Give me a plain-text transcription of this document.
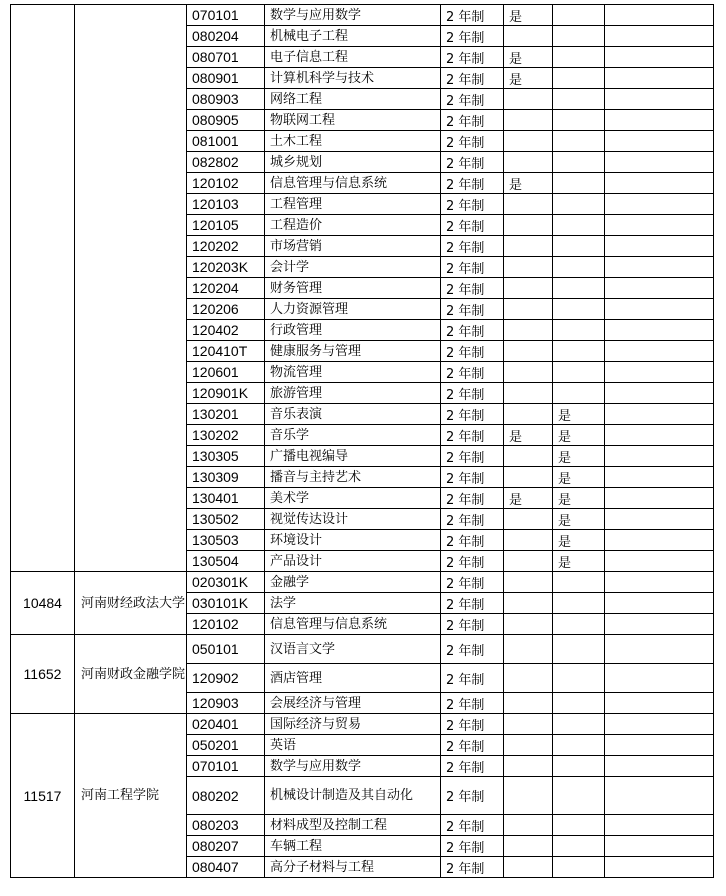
		070101	数学与应用数学	2 年制	是		
		080204	机械电子工程	2 年制			
		080701	电子信息工程	2 年制	是		
		080901	计算机科学与技术	2 年制	是		
		080903	网络工程	2 年制			
		080905	物联网工程	2 年制			
		081001	土木工程	2 年制			
		082802	城乡规划	2 年制			
		120102	信息管理与信息系统	2 年制	是		
		120103	工程管理	2 年制			
		120105	工程造价	2 年制			
		120202	市场营销	2 年制			
		120203K	会计学	2 年制			
		120204	财务管理	2 年制			
		120206	人力资源管理	2 年制			
		120402	行政管理	2 年制			
		120410T	健康服务与管理	2 年制			
		120601	物流管理	2 年制			
		120901K	旅游管理	2 年制			
		130201	音乐表演	2 年制		是	
		130202	音乐学	2 年制	是	是	
		130305	广播电视编导	2 年制		是	
		130309	播音与主持艺术	2 年制		是	
		130401	美术学	2 年制	是	是	
		130502	视觉传达设计	2 年制		是	
		130503	环境设计	2 年制		是	
		130504	产品设计	2 年制		是	
10484	河南财经政法大学	020301K	金融学	2 年制			
		030101K	法学	2 年制			
		120102	信息管理与信息系统	2 年制			
11652	河南财政金融学院	050101	汉语言文学	2 年制			
		120902	酒店管理	2 年制			
		120903	会展经济与管理	2 年制			
11517	河南工程学院	020401	国际经济与贸易	2 年制			
		050201	英语	2 年制			
		070101	数学与应用数学	2 年制			
		080202	机械设计制造及其自动化	2 年制			
		080203	材料成型及控制工程	2 年制			
		080207	车辆工程	2 年制			
		080407	高分子材料与工程	2 年制			
